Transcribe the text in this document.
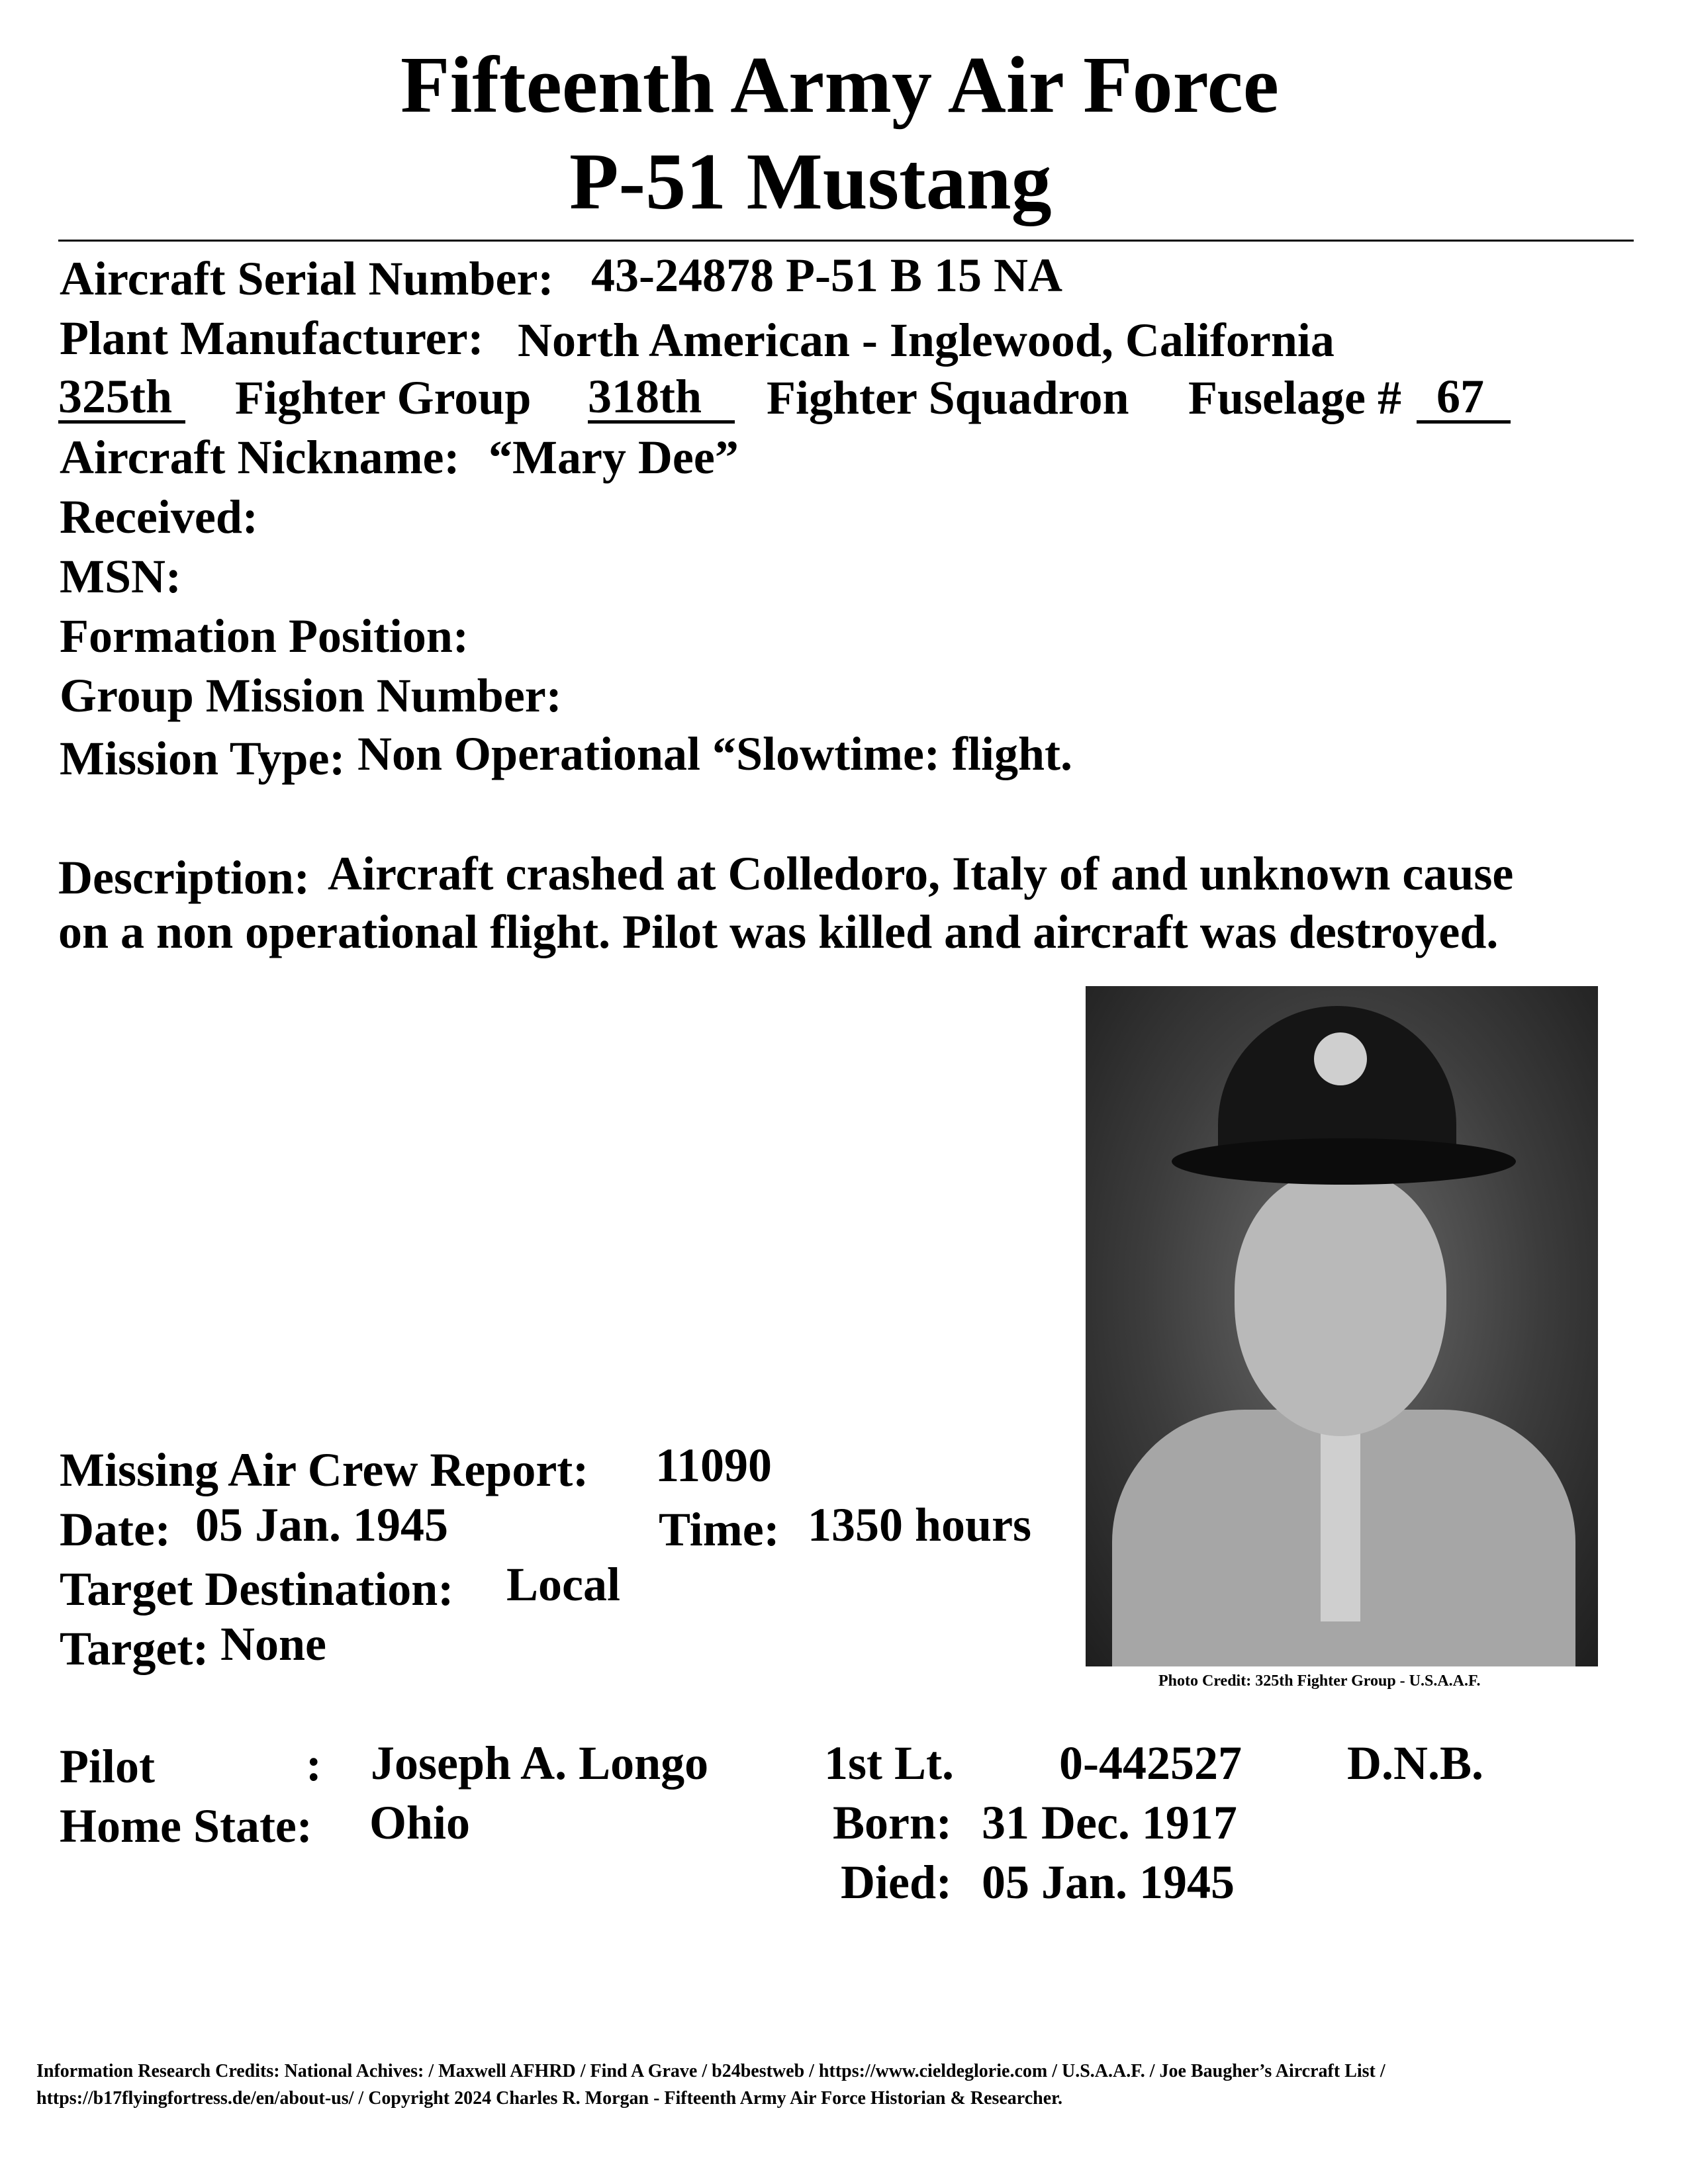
Fifteenth Army Air Force
P-51 Mustang
Aircraft Serial Number: 43-24878 P-51 B 15 NA
Plant Manufacturer: North American - Inglewood, California
325th Fighter Group 318th	Fighter Squadron Fuselage # 67
Aircraft Nickname: “Mary Dee”
Received:
MSN:
Formation Position:
Group Mission Number:
Mission Type: Non Operational “Slowtime: flight.
Description: Aircraft crashed at Colledoro, Italy of and unknown cause
on a non operational flight. Pilot was killed and aircraft was destroyed.
Photo Credit: 325th Fighter Group - U.S.A.A.F.
Missing Air Crew Report: 11090
Date: 05 Jan. 1945	Time: 1350 hours
Target Destination: Local
Target: None
Pilot	: Joseph A. Longo 1st Lt. 0-442527 D.N.B.
Home State: Ohio	Born: 31 Dec. 1917
Died: 05 Jan. 1945
Information Research Credits: National Achives: / Maxwell AFHRD / Find A Grave / b24bestweb / https://www.cieldeglorie.com / U.S.A.A.F. / Joe Baugher’s Aircraft List / https://b17flyingfortress.de/en/about-us/ / Copyright 2024 Charles R. Morgan - Fifteenth Army Air Force Historian & Researcher.
